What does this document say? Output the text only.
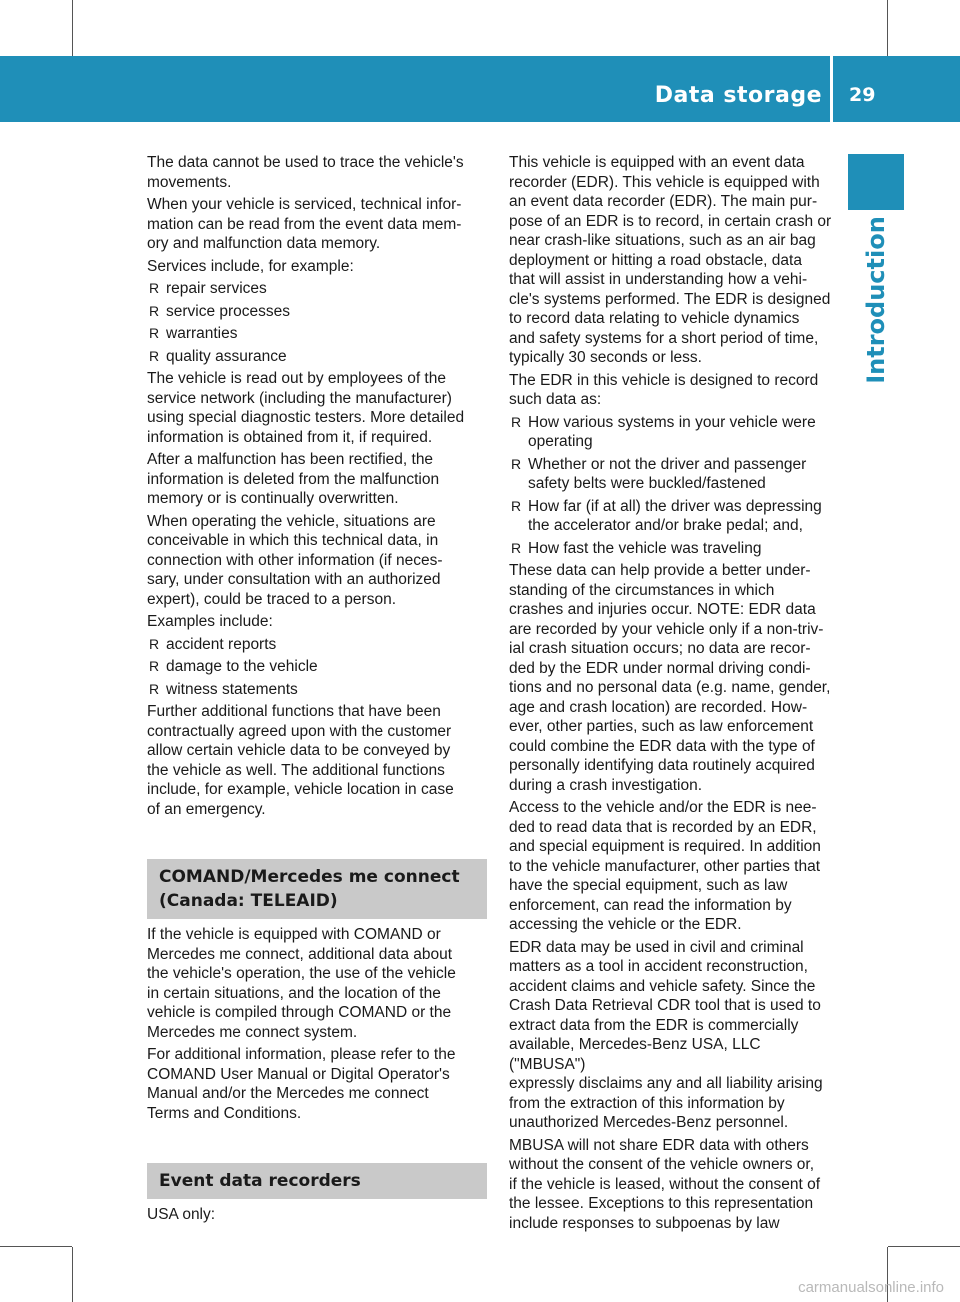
Data storage 29
Introduction

The data cannot be used to trace the vehicle's
movements.

When your vehicle is serviced, technical infor-
mation can be read from the event data mem-
ory and malfunction data memory.

Services include, for example:

R repair services
R service processes
R warranties
R quality assurance

The vehicle is read out by employees of the
service network (including the manufacturer)
using special diagnostic testers. More detailed
information is obtained from it, if required.

After a malfunction has been rectified, the
information is deleted from the malfunction
memory or is continually overwritten.

When operating the vehicle, situations are
conceivable in which this technical data, in
connection with other information (if neces-
sary, under consultation with an authorized
expert), could be traced to a person.

Examples include:

R accident reports
R damage to the vehicle
R witness statements

Further additional functions that have been
contractually agreed upon with the customer
allow certain vehicle data to be conveyed by
the vehicle as well. The additional functions
include, for example, vehicle location in case
of an emergency.

COMAND/Mercedes me connect
(Canada: TELEAID)

If the vehicle is equipped with COMAND or
Mercedes me connect, additional data about
the vehicle's operation, the use of the vehicle
in certain situations, and the location of the
vehicle is compiled through COMAND or the
Mercedes me connect system.

For additional information, please refer to the
COMAND User Manual or Digital Operator's
Manual and/or the Mercedes me connect
Terms and Conditions.

Event data recorders

USA only:

This vehicle is equipped with an event data
recorder (EDR). This vehicle is equipped with
an event data recorder (EDR). The main pur-
pose of an EDR is to record, in certain crash or
near crash-like situations, such as an air bag
deployment or hitting a road obstacle, data
that will assist in understanding how a vehi-
cle's systems performed. The EDR is designed
to record data relating to vehicle dynamics
and safety systems for a short period of time,
typically 30 seconds or less.

The EDR in this vehicle is designed to record
such data as:

R How various systems in your vehicle were
operating
R Whether or not the driver and passenger
safety belts were buckled/fastened
R How far (if at all) the driver was depressing
the accelerator and/or brake pedal; and,
R How fast the vehicle was traveling

These data can help provide a better under-
standing of the circumstances in which
crashes and injuries occur. NOTE: EDR data
are recorded by your vehicle only if a non-triv-
ial crash situation occurs; no data are recor-
ded by the EDR under normal driving condi-
tions and no personal data (e.g. name, gender,
age and crash location) are recorded. How-
ever, other parties, such as law enforcement
could combine the EDR data with the type of
personally identifying data routinely acquired
during a crash investigation.

Access to the vehicle and/or the EDR is nee-
ded to read data that is recorded by an EDR,
and special equipment is required. In addition
to the vehicle manufacturer, other parties that
have the special equipment, such as law
enforcement, can read the information by
accessing the vehicle or the EDR.

EDR data may be used in civil and criminal
matters as a tool in accident reconstruction,
accident claims and vehicle safety. Since the
Crash Data Retrieval CDR tool that is used to
extract data from the EDR is commercially
available, Mercedes-Benz USA, LLC ("MBUSA")
expressly disclaims any and all liability arising
from the extraction of this information by
unauthorized Mercedes-Benz personnel.

MBUSA will not share EDR data with others
without the consent of the vehicle owners or,
if the vehicle is leased, without the consent of
the lessee. Exceptions to this representation
include responses to subpoenas by law

carmanualsonline.info
